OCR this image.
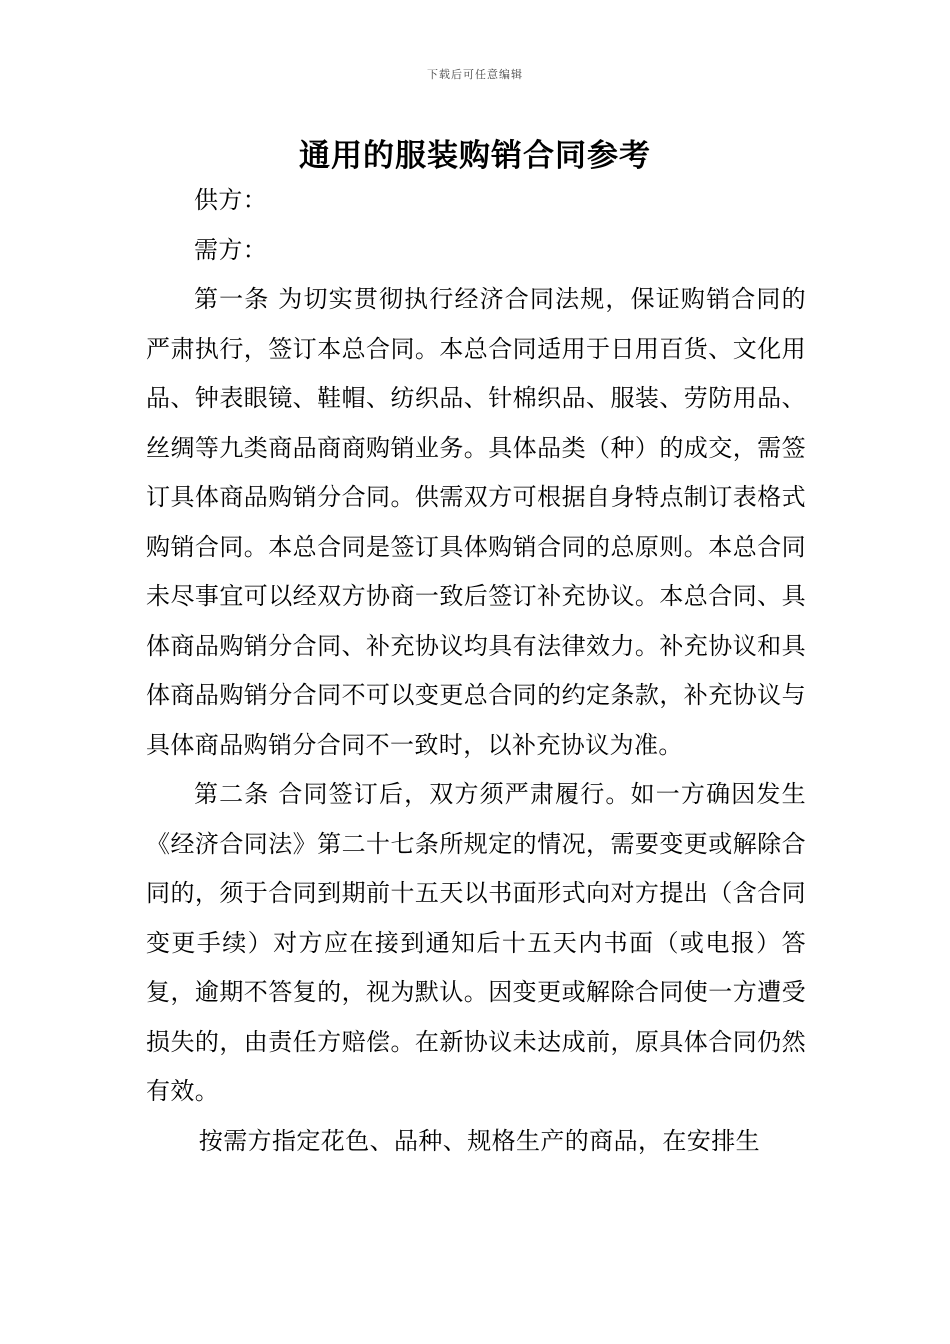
下载后可任意编辑
通用的服装购销合同参考

供方：

需方：

第一条 为切实贯彻执行经济合同法规，保证购销合同的严肃执行，签订本总合同。本总合同适用于日用百货、文化用品、钟表眼镜、鞋帽、纺织品、针棉织品、服装、劳防用品、丝绸等九类商品商商购销业务。具体品类（种）的成交，需签订具体商品购销分合同。供需双方可根据自身特点制订表格式购销合同。本总合同是签订具体购销合同的总原则。本总合同未尽事宜可以经双方协商一致后签订补充协议。本总合同、具体商品购销分合同、补充协议均具有法律效力。补充协议和具体商品购销分合同不可以变更总合同的约定条款，补充协议与具体商品购销分合同不一致时，以补充协议为准。

第二条 合同签订后，双方须严肃履行。如一方确因发生《经济合同法》第二十七条所规定的情况，需要变更或解除合同的，须于合同到期前十五天以书面形式向对方提出（含合同变更手续）对方应在接到通知后十五天内书面（或电报）答复，逾期不答复的，视为默认。因变更或解除合同使一方遭受损失的，由责任方赔偿。在新协议未达成前，原具体合同仍然有效。

按需方指定花色、品种、规格生产的商品，在安排生
